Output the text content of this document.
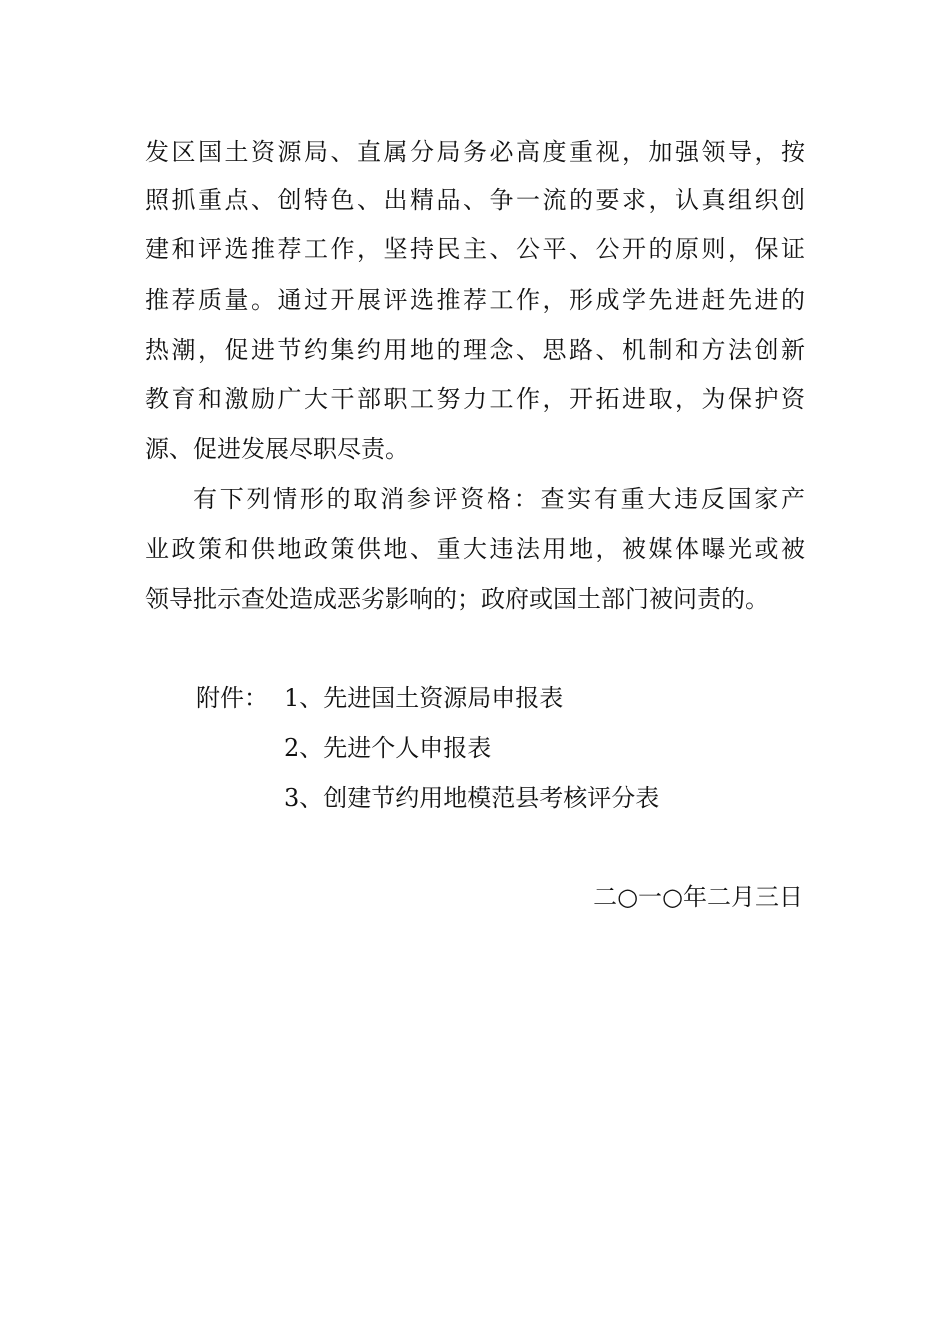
发区国土资源局、直属分局务必高度重视，加强领导，按
照抓重点、创特色、出精品、争一流的要求，认真组织创
建和评选推荐工作，坚持民主、公平、公开的原则，保证
推荐质量。通过开展评选推荐工作，形成学先进赶先进的
热潮，促进节约集约用地的理念、思路、机制和方法创新
教育和激励广大干部职工努力工作，开拓进取，为保护资
源、促进发展尽职尽责。
有下列情形的取消参评资格：查实有重大违反国家产
业政策和供地政策供地、重大违法用地，被媒体曝光或被
领导批示查处造成恶劣影响的；政府或国土部门被问责的。
附件： 1、先进国土资源局申报表
2、先进个人申报表
3、创建节约用地模范县考核评分表
二○一○年二月三日
